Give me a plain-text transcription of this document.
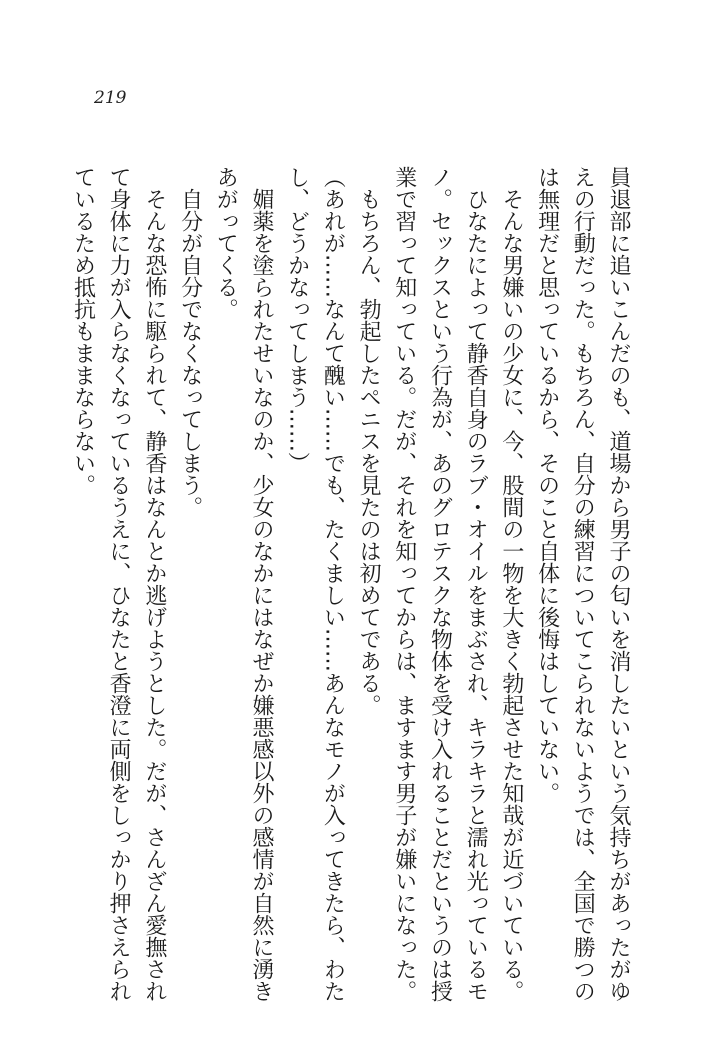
219
員退部に追いこんだのも、道場から男子の匂いを消したいという気持ちがあったがゆ
えの行動だった。もちろん、自分の練習についてこられないようでは、全国で勝つの
は無理だと思っているから、そのこと自体に後悔はしていない。
そんな男嫌いの少女に、今、股間の一物を大きく勃起させた知哉が近づいている。
ひなたによって静香自身のラブ・オイルをまぶされ、キラキラと濡れ光っているモ
ノ。セックスという行為が、あのグロテスクな物体を受け入れることだというのは授
業で習って知っている。だが、それを知ってからは、ますます男子が嫌いになった。
もちろん、勃起したペニスを見たのは初めてである。
（あれが……なんて醜い……でも、たくましい……あんなモノが入ってきたら、わた
し、どうかなってしまう……）
媚薬を塗られたせいなのか、少女のなかにはなぜか嫌悪感以外の感情が自然に湧き
あがってくる。
自分が自分でなくなってしまう。
そんな恐怖に駆られて、静香はなんとか逃げようとした。だが、さんざん愛撫され
て身体に力が入らなくなっているうえに、ひなたと香澄に両側をしっかり押さえられ
ているため抵抗もままならない。
